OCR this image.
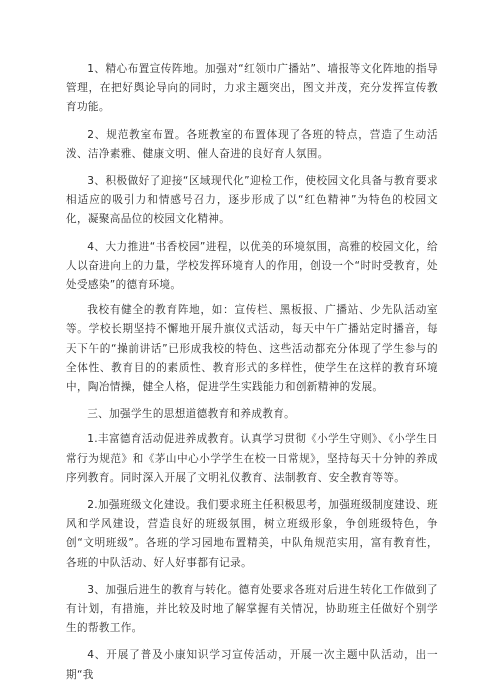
1、精心布置宣传阵地。加强对“红领巾广播站”、墙报等文化阵地的指导管理，在把好舆论导向的同时，力求主题突出，图文并茂，充分发挥宣传教育功能。

2、规范教室布置。各班教室的布置体现了各班的特点，营造了生动活泼、洁净素雅、健康文明、催人奋进的良好育人氛围。

3、积极做好了迎接“区域现代化”迎检工作，使校园文化具备与教育要求相适应的吸引力和情感号召力，逐步形成了以“红色精神”为特色的校园文化，凝聚高品位的校园文化精神。

4、大力推进“书香校园”进程，以优美的环境氛围，高雅的校园文化，给人以奋进向上的力量，学校发挥环境育人的作用，创设一个“时时受教育，处处受感染”的德育环境。

我校有健全的教育阵地，如：宣传栏、黑板报、广播站、少先队活动室等。学校长期坚持不懈地开展升旗仪式活动，每天中午广播站定时播音，每天下午的“操前讲话”已形成我校的特色、这些活动都充分体现了学生参与的全体性、教育目的的素质性、教育形式的多样性，使学生在这样的教育环境中，陶冶情操，健全人格，促进学生实践能力和创新精神的发展。

三、加强学生的思想道德教育和养成教育。

1.丰富德育活动促进养成教育。认真学习贯彻《小学生守则》、《小学生日常行为规范》和《茅山中心小学学生在校一日常规》，坚持每天十分钟的养成序列教育。同时深入开展了文明礼仪教育、法制教育、安全教育等等。

2.加强班级文化建设。我们要求班主任积极思考，加强班级制度建设、班风和学风建设，营造良好的班级氛围，树立班级形象，争创班级特色，争创“文明班级”。各班的学习园地布置精美，中队角规范实用，富有教育性，各班的中队活动、好人好事都有记录。

3、加强后进生的教育与转化。德育处要求各班对后进生转化工作做到了有计划，有措施，并比较及时地了解掌握有关情况，协助班主任做好个别学生的帮教工作。

4、开展了普及小康知识学习宣传活动，开展一次主题中队活动，出一期“我
